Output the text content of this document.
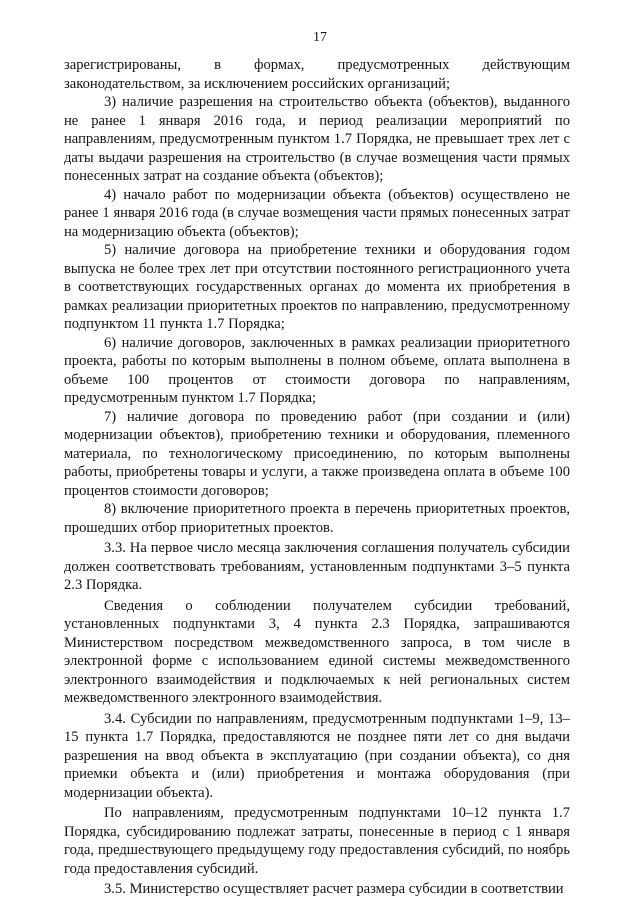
17

зарегистрированы, в формах, предусмотренных действующим законодательством, за исключением российских организаций;

3) наличие разрешения на строительство объекта (объектов), выданного не ранее 1 января 2016 года, и период реализации мероприятий по направлениям, предусмотренным пунктом 1.7 Порядка, не превышает трех лет с даты выдачи разрешения на строительство (в случае возмещения части прямых понесенных затрат на создание объекта (объектов);

4) начало работ по модернизации объекта (объектов) осуществлено не ранее 1 января 2016 года (в случае возмещения части прямых понесенных затрат на модернизацию объекта (объектов);

5) наличие договора на приобретение техники и оборудования годом выпуска не более трех лет при отсутствии постоянного регистрационного учета в соответствующих государственных органах до момента их приобретения в рамках реализации приоритетных проектов по направлению, предусмотренному подпунктом 11 пункта 1.7 Порядка;

6) наличие договоров, заключенных в рамках реализации приоритетного проекта, работы по которым выполнены в полном объеме, оплата выполнена в объеме 100 процентов от стоимости договора по направлениям, предусмотренным пунктом 1.7 Порядка;

7) наличие договора по проведению работ (при создании и (или) модернизации объектов), приобретению техники и оборудования, племенного материала, по технологическому присоединению, по которым выполнены работы, приобретены товары и услуги, а также произведена оплата в объеме 100 процентов стоимости договоров;

8) включение приоритетного проекта в перечень приоритетных проектов, прошедших отбор приоритетных проектов.

3.3. На первое число месяца заключения соглашения получатель субсидии должен соответствовать требованиям, установленным подпунктами 3–5 пункта 2.3 Порядка.

Сведения о соблюдении получателем субсидии требований, установленных подпунктами 3, 4 пункта 2.3 Порядка, запрашиваются Министерством посредством межведомственного запроса, в том числе в электронной форме с использованием единой системы межведомственного электронного взаимодействия и подключаемых к ней региональных систем межведомственного электронного взаимодействия.

3.4. Субсидии по направлениям, предусмотренным подпунктами 1–9, 13–15 пункта 1.7 Порядка, предоставляются не позднее пяти лет со дня выдачи разрешения на ввод объекта в эксплуатацию (при создании объекта), со дня приемки объекта и (или) приобретения и монтажа оборудования (при модернизации объекта).

По направлениям, предусмотренным подпунктами 10–12 пункта 1.7 Порядка, субсидированию подлежат затраты, понесенные в период с 1 января года, предшествующего предыдущему году предоставления субсидий, по ноябрь года предоставления субсидий.

3.5. Министерство осуществляет расчет размера субсидии в соответствии
